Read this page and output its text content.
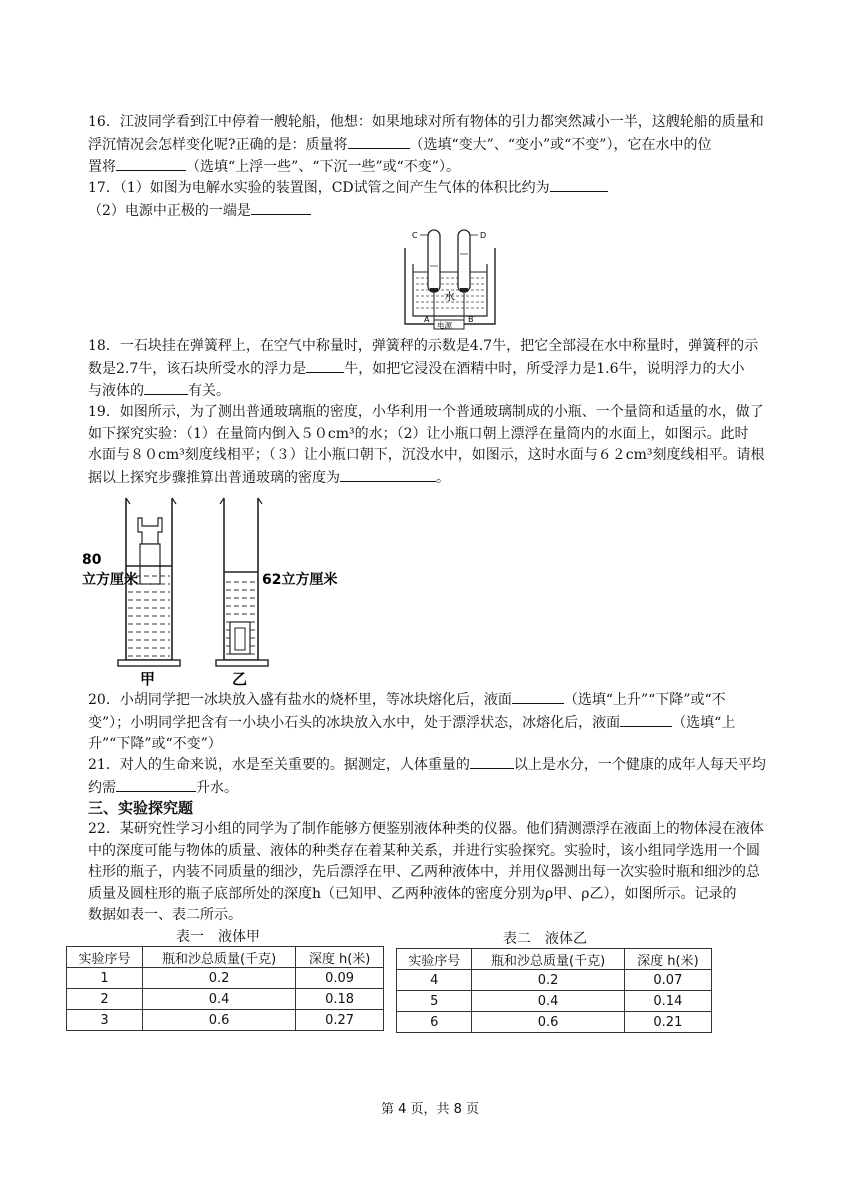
16．江波同学看到江中停着一艘轮船，他想：如果地球对所有物体的引力都突然减小一半，这艘轮船的质量和
浮沉情况会怎样变化呢?正确的是：质量将	（选填“变大”、“变小”或“不变”），它在水中的位
置将	（选填“上浮一些”、“下沉一些”或“不变”）。
17．（1）如图为电解水实验的装置图，CD试管之间产生气体的体积比约为
（2）电源中正极的一端是
C	D
水
A	B
电源
18．一石块挂在弹簧秤上，在空气中称量时，弹簧秤的示数是4.7牛，把它全部浸在水中称量时，弹簧秤的示
数是2.7牛，该石块所受水的浮力是	牛，如把它浸没在酒精中时，所受浮力是1.6牛，说明浮力的大小
与液体的	有关。
19．如图所示，为了测出普通玻璃瓶的密度，小华利用一个普通玻璃制成的小瓶、一个量筒和适量的水，做了
如下探究实验：（1）在量筒内倒入５０cm³的水；（2）让小瓶口朝上漂浮在量筒内的水面上，如图示。此时
水面与８０cm³刻度线相平；（３）让小瓶口朝下，沉没水中，如图示，这时水面与６２cm³刻度线相平。请根
据以上探究步骤推算出普通玻璃的密度为	。
80
立方厘米
甲
62立方厘米
乙
20．小胡同学把一冰块放入盛有盐水的烧杯里，等冰块熔化后，液面	（选填“上升”“下降”或“不
变”）；小明同学把含有一小块小石头的冰块放入水中，处于漂浮状态，冰熔化后，液面	（选填“上
升”“下降”或“不变”）
21．对人的生命来说，水是至关重要的。据测定，人体重量的	以上是水分，一个健康的成年人每天平均
约需	升水。
三、实验探究题
22．某研究性学习小组的同学为了制作能够方便鉴别液体种类的仪器。他们猜测漂浮在液面上的物体浸在液体
中的深度可能与物体的质量、液体的种类存在着某种关系，并进行实验探究。实验时，该小组同学选用一个圆
柱形的瓶子，内装不同质量的细沙，先后漂浮在甲、乙两种液体中，并用仪器测出每一次实验时瓶和细沙的总
质量及圆柱形的瓶子底部所处的深度h（已知甲、乙两种液体的密度分别为ρ甲、ρ乙），如图所示。记录的
数据如表一、表二所示。
表一　液体甲
实验序号	瓶和沙总质量(千克)	深度 h(米)
1	0.2	0.09
2	0.4	0.18
3	0.6	0.27
表二　液体乙
实验序号	瓶和沙总质量(千克)	深度 h(米)
4	0.2	0.07
5	0.4	0.14
6	0.6	0.21
第 4 页，共 8 页
